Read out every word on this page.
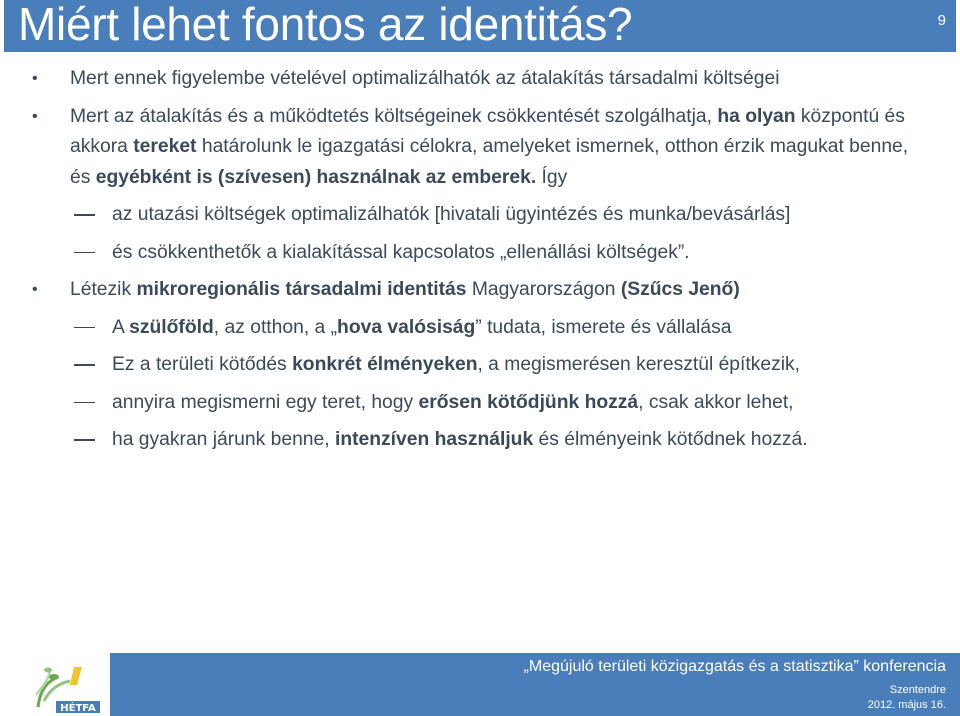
Miért lehet fontos az identitás?	9
• Mert ennek figyelembe vételével optimalizálhatók az átalakítás társadalmi költségei
• Mert az átalakítás és a működtetés költségeinek csökkentését szolgálhatja, ha olyan központú és akkora tereket határolunk le igazgatási célokra, amelyeket ismernek, otthon érzik magukat benne, és egyébként is (szívesen) használnak az emberek. Így
az utazási költségek optimalizálhatók [hivatali ügyintézés és munka/bevásárlás]
és csökkenthetők a kialakítással kapcsolatos „ellenállási költségek”.
• Létezik mikroregionális társadalmi identitás Magyarországon (Szűcs Jenő)
A szülőföld, az otthon, a „hova valósiság” tudata, ismerete és vállalása
Ez a területi kötődés konkrét élményeken, a megismerésen keresztül építkezik,
annyira megismerni egy teret, hogy erősen kötődjünk hozzá, csak akkor lehet,
ha gyakran járunk benne, intenzíven használjuk és élményeink kötődnek hozzá.
HÉTFA
„Megújuló területi közigazgatás és a statisztika” konferencia
Szentendre
2012. május 16.
